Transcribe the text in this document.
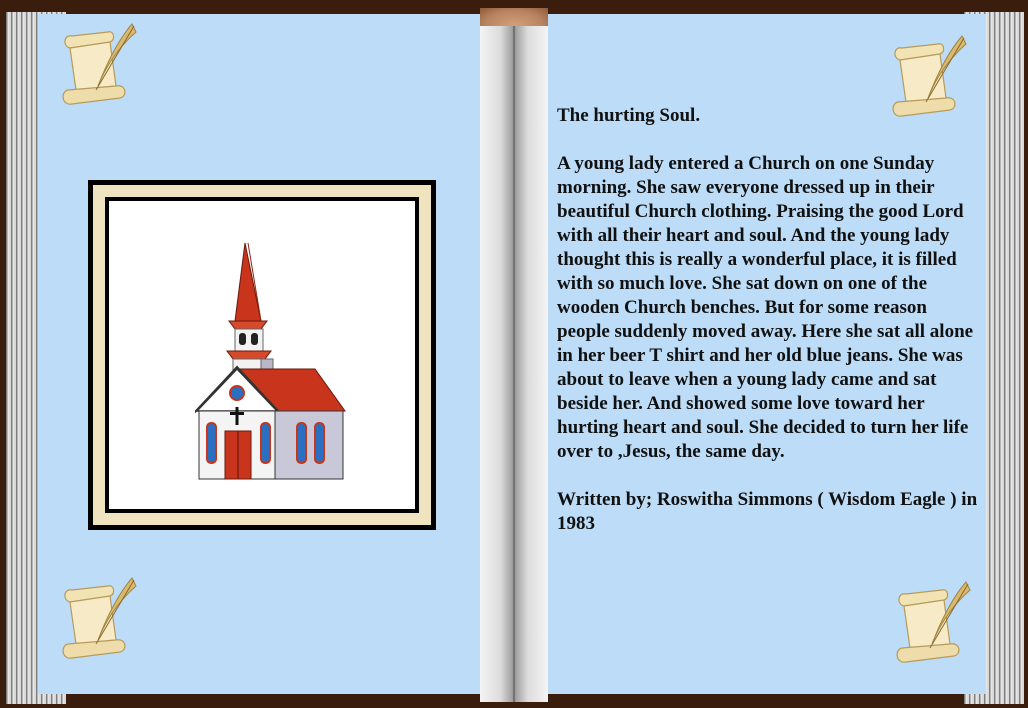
The hurting Soul.

A young lady entered a Church on one Sunday morning. She saw everyone dressed up in their beautiful Church clothing. Praising the good Lord with all their heart and soul. And the young lady thought this is really a wonderful place, it is filled with so much love. She sat down on one of the wooden Church benches. But for some reason people suddenly moved away. Here she sat all alone in her beer T shirt and her old blue jeans. She was about to leave when a young lady came and sat beside her. And showed some love toward her hurting heart and soul. She decided to turn her life over to ,Jesus, the same day.

Written by; Roswitha Simmons ( Wisdom Eagle ) in 1983
